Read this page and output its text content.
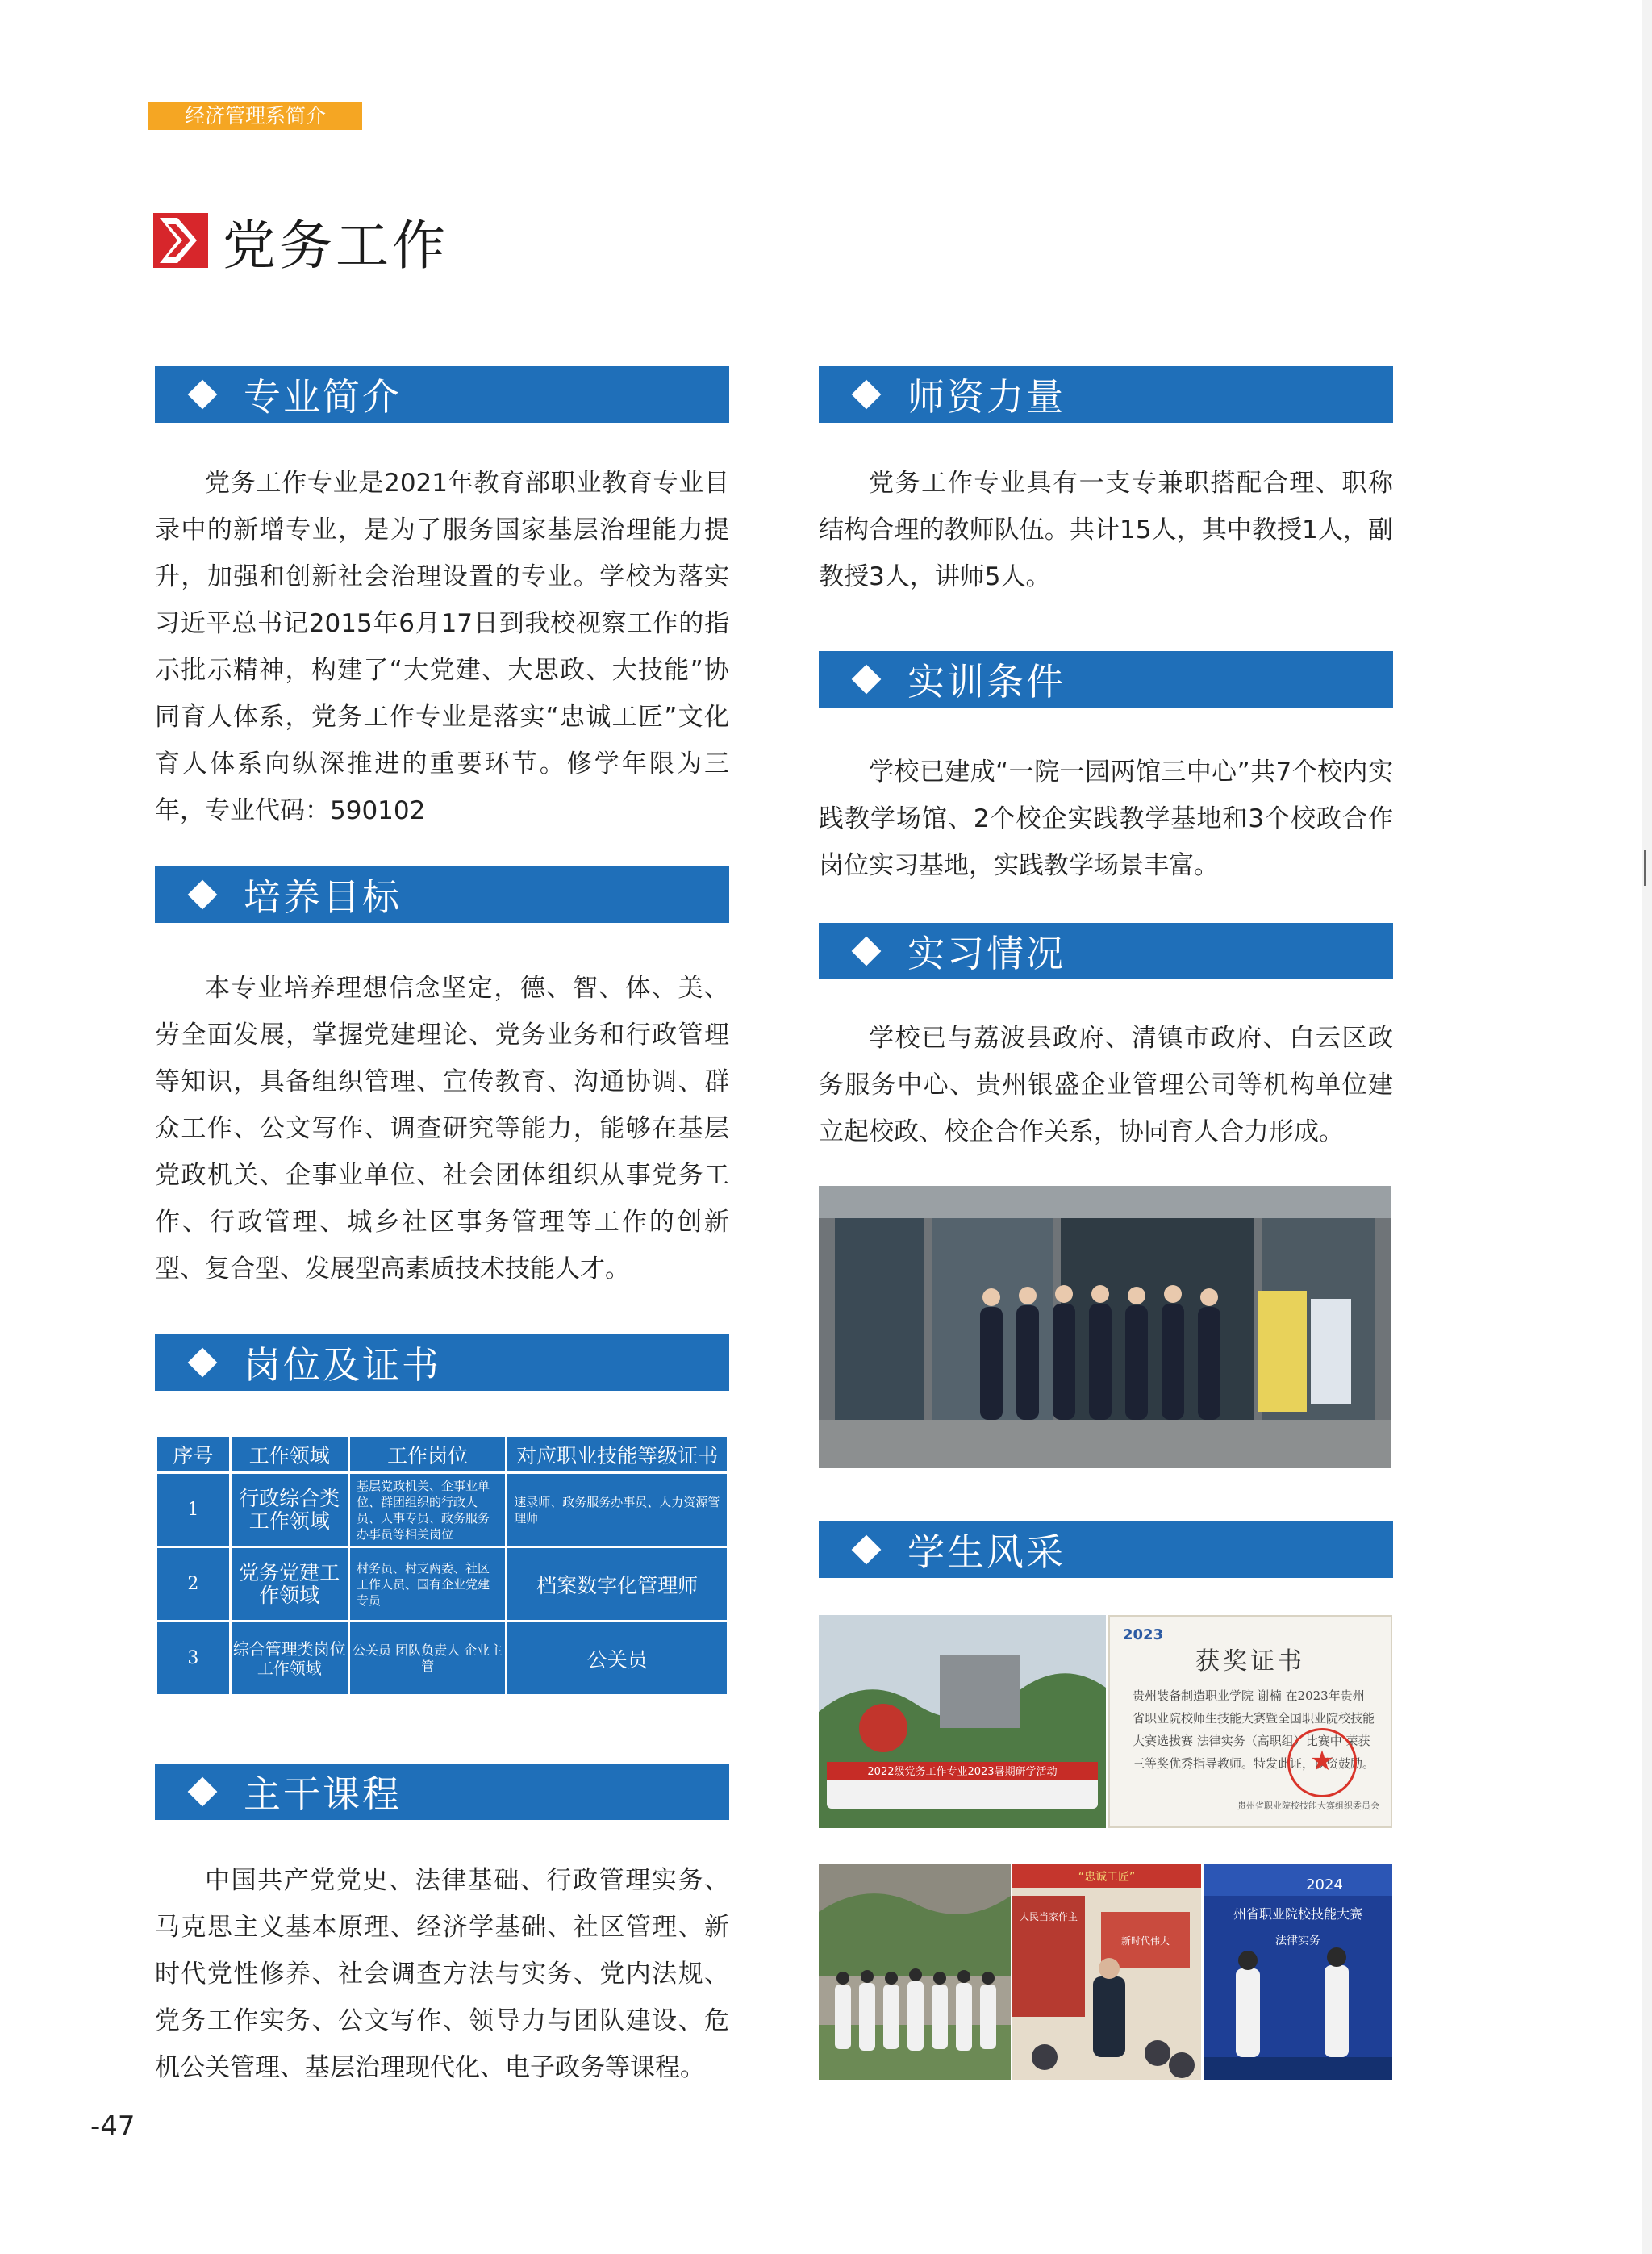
经济管理系简介
党务工作
专业简介

党务工作专业是2021年教育部职业教育专业目录中的新增专业，是为了服务国家基层治理能力提升，加强和创新社会治理设置的专业。学校为落实习近平总书记2015年6月17日到我校视察工作的指示批示精神，构建了“大党建、大思政、大技能”协同育人体系，党务工作专业是落实“忠诚工匠”文化育人体系向纵深推进的重要环节。修学年限为三年，专业代码：590102

培养目标

本专业培养理想信念坚定，德、智、体、美、劳全面发展，掌握党建理论、党务业务和行政管理等知识，具备组织管理、宣传教育、沟通协调、群众工作、公文写作、调查研究等能力，能够在基层党政机关、企事业单位、社会团体组织从事党务工作、行政管理、城乡社区事务管理等工作的创新型、复合型、发展型高素质技术技能人才。

岗位及证书
序号	工作领域	工作岗位	对应职业技能等级证书
1	行政综合类工作领域	基层党政机关、企事业单位、群团组织的行政人员、人事专员、政务服务办事员等相关岗位	速录师、政务服务办事员、人力资源管理师
2	党务党建工作领域	村务员、村支两委、社区工作人员、国有企业党建专员	档案数字化管理师
3	综合管理类岗位工作领域	公关员 团队负责人 企业主管	公关员
主干课程

中国共产党党史、法律基础、行政管理实务、马克思主义基本原理、经济学基础、社区管理、新时代党性修养、社会调查方法与实务、党内法规、党务工作实务、公文写作、领导力与团队建设、危机公关管理、基层治理现代化、电子政务等课程。

师资力量

党务工作专业具有一支专兼职搭配合理、职称结构合理的教师队伍。共计15人，其中教授1人，副教授3人，讲师5人。

实训条件

学校已建成“一院一园两馆三中心”共7个校内实践教学场馆、2个校企实践教学基地和3个校政合作岗位实习基地，实践教学场景丰富。

实习情况

学校已与荔波县政府、清镇市政府、白云区政务服务中心、贵州银盛企业管理公司等机构单位建立起校政、校企合作关系，协同育人合力形成。

学生风采
2022级党务工作专业2023暑期研学活动
2023
获奖证书
贵州装备制造职业学院 谢楠 在2023年贵州省职业院校师生技能大赛暨全国职业院校技能大赛选拔赛 法律实务（高职组）比赛中 荣获三等奖优秀指导教师。特发此证，以资鼓励。
★
贵州省职业院校技能大赛组织委员会
“忠诚工匠”
人民当家作主
新时代伟大
2024
州省职业院校技能大赛
法律实务
-47
